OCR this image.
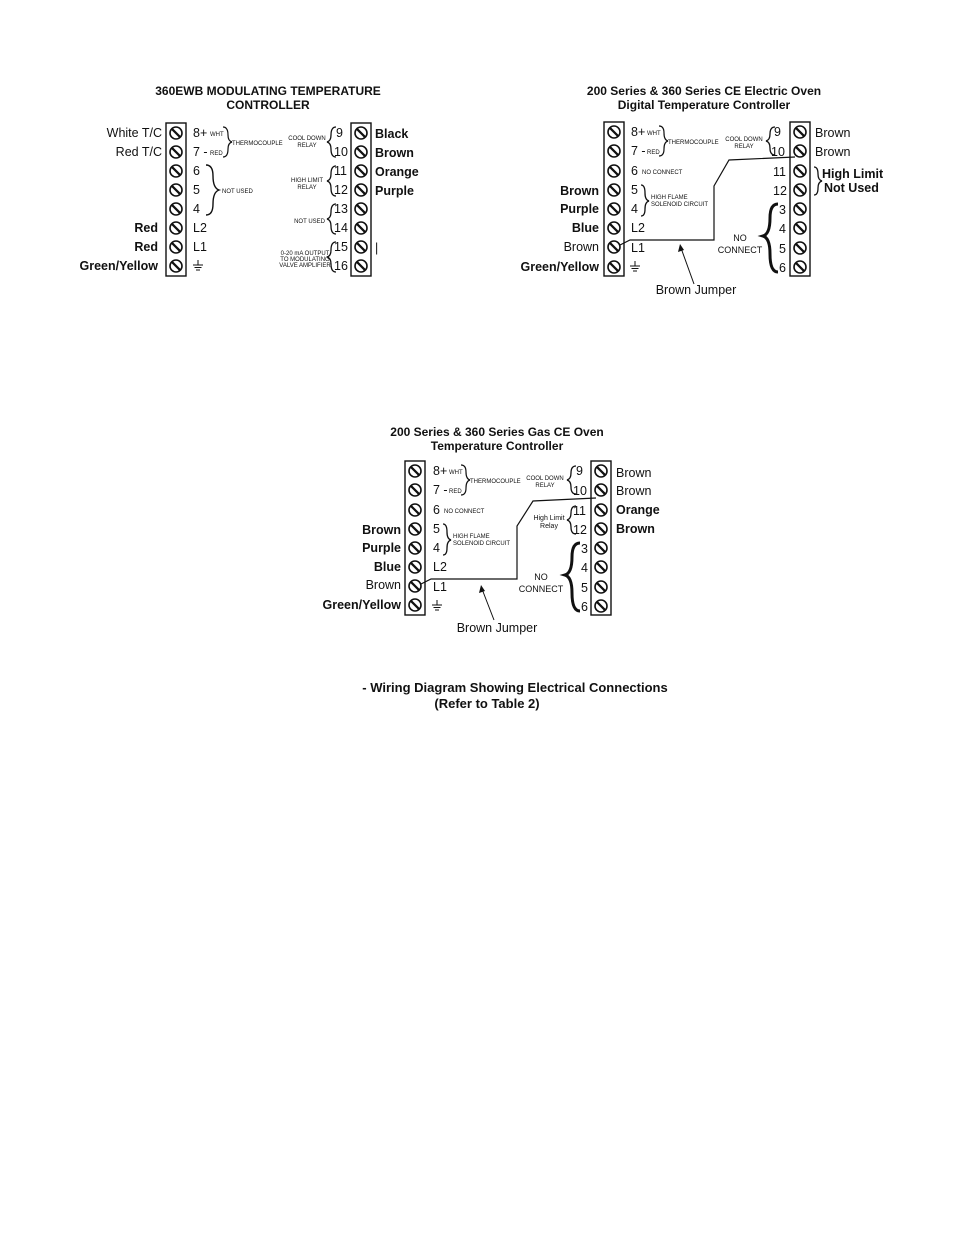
360EWB MODULATING TEMPERATURE
CONTROLLER
White T/C
Red T/C
Red
Red
Green/Yellow
8+ WHT
7 - RED
6
5
4
L2
L1
THERMOCOUPLE
NOT USED
COOL DOWN
RELAY
HIGH LIMIT
RELAY
NOT USED
0-20 mA OUTPUT
TO MODULATING
VALVE AMPLIFIER
9
10
11
12
13
14
15
16
Black
Brown
Orange
Purple
|
200 Series & 360 Series CE Electric Oven
Digital Temperature Controller
Brown
Purple
Blue
Brown
Green/Yellow
8+ WHT
7 - RED
6 NO CONNECT
5
4
L2
L1
THERMOCOUPLE
HIGH FLAME
SOLENOID CIRCUIT
COOL DOWN
RELAY
Brown Jumper
9
10
11
12
3
4
5
6
NO
CONNECT
Brown
Brown
High Limit
Not Used
200 Series & 360 Series Gas CE Oven
Temperature Controller
Brown
Purple
Blue
Brown
Green/Yellow
8+ WHT
7 - RED
6 NO CONNECT
5
4
L2
L1
THERMOCOUPLE
HIGH FLAME
SOLENOID CIRCUIT
COOL DOWN
RELAY
High Limit
Relay
Brown Jumper
9
10
11
12
3
4
5
6
NO
CONNECT
Brown
Brown
Orange
Brown
- Wiring Diagram Showing Electrical Connections
(Refer to Table 2)
